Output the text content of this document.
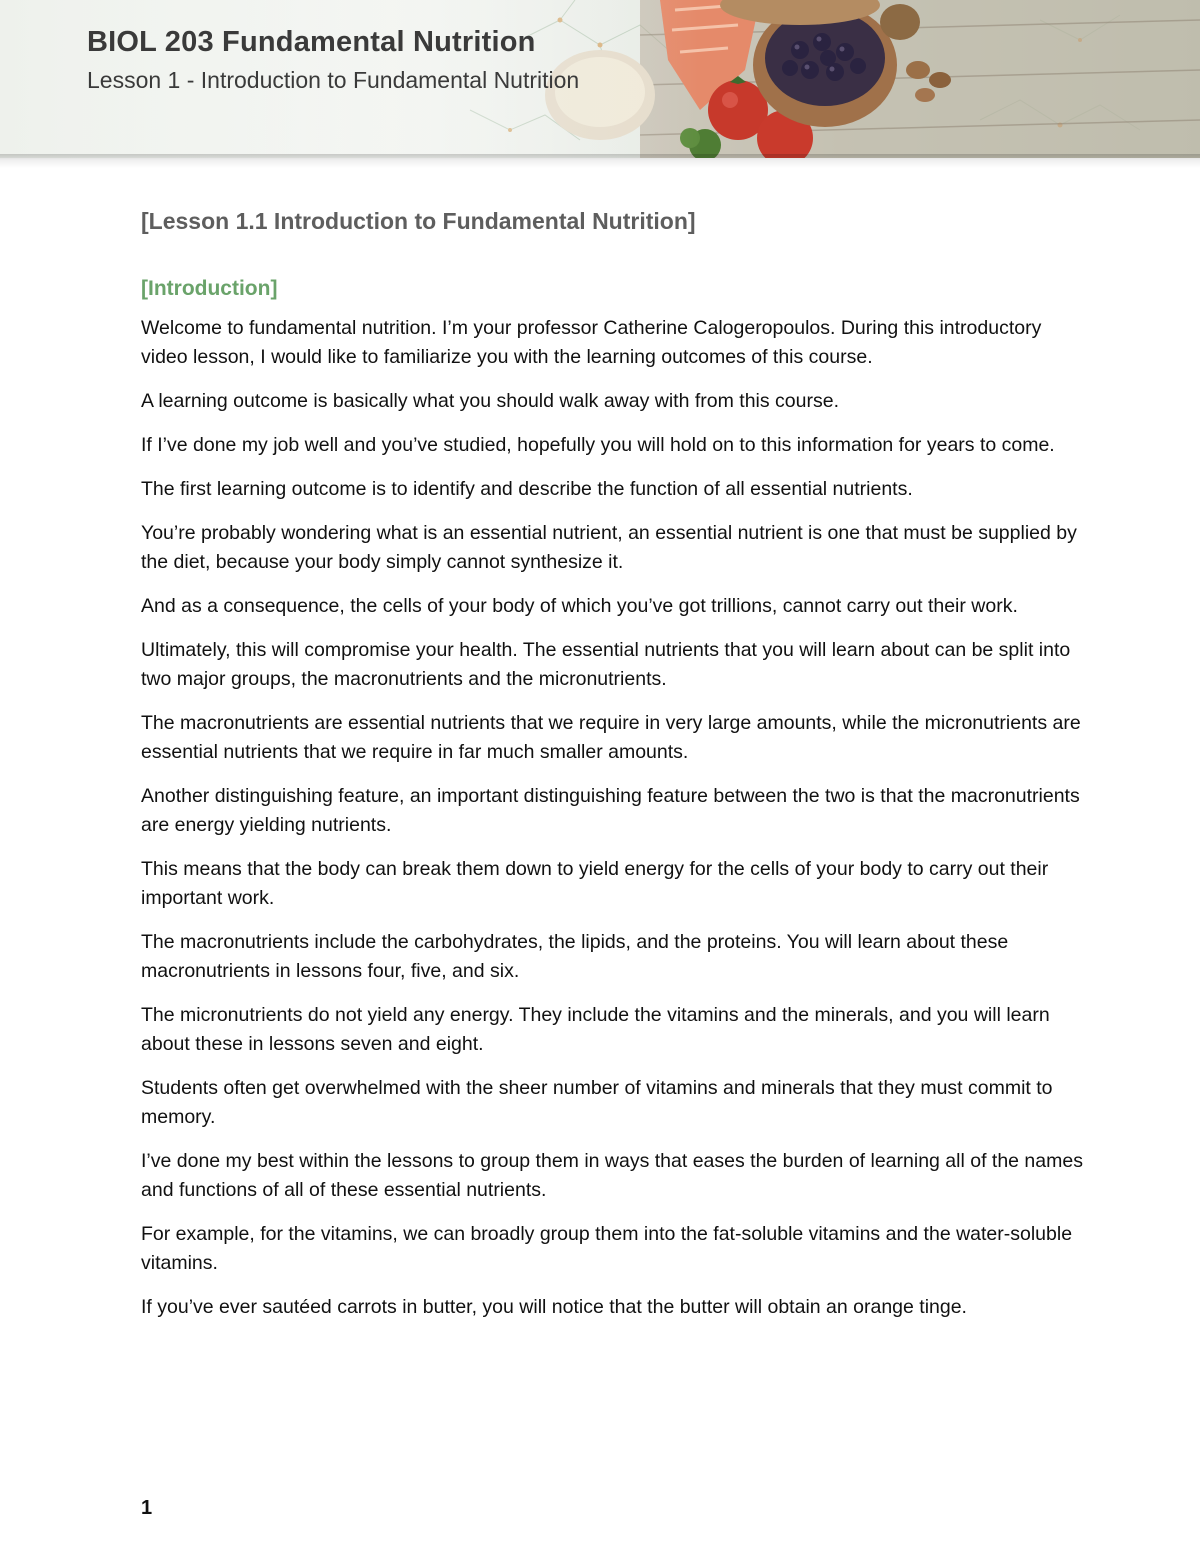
BIOL 203 Fundamental Nutrition
Lesson 1 - Introduction to Fundamental Nutrition
[Lesson 1.1 Introduction to Fundamental Nutrition]
[Introduction]
Welcome to fundamental nutrition. I’m your professor Catherine Calogeropoulos. During this introductory video lesson, I would like to familiarize you with the learning outcomes of this course.
A learning outcome is basically what you should walk away with from this course.
If I’ve done my job well and you’ve studied, hopefully you will hold on to this information for years to come.
The first learning outcome is to identify and describe the function of all essential nutrients.
You’re probably wondering what is an essential nutrient, an essential nutrient is one that must be supplied by the diet, because your body simply cannot synthesize it.
And as a consequence, the cells of your body of which you’ve got trillions, cannot carry out their work.
Ultimately, this will compromise your health. The essential nutrients that you will learn about can be split into two major groups, the macronutrients and the micronutrients.
The macronutrients are essential nutrients that we require in very large amounts, while the micronutrients are essential nutrients that we require in far much smaller amounts.
Another distinguishing feature, an important distinguishing feature between the two is that the macronutrients are energy yielding nutrients.
This means that the body can break them down to yield energy for the cells of your body to carry out their important work.
The macronutrients include the carbohydrates, the lipids, and the proteins. You will learn about these macronutrients in lessons four, five, and six.
The micronutrients do not yield any energy. They include the vitamins and the minerals, and you will learn about these in lessons seven and eight.
Students often get overwhelmed with the sheer number of vitamins and minerals that they must commit to memory.
I’ve done my best within the lessons to group them in ways that eases the burden of learning all of the names and functions of all of these essential nutrients.
For example, for the vitamins, we can broadly group them into the fat-soluble vitamins and the water-soluble vitamins.
If you’ve ever sautéed carrots in butter, you will notice that the butter will obtain an orange tinge.
1
